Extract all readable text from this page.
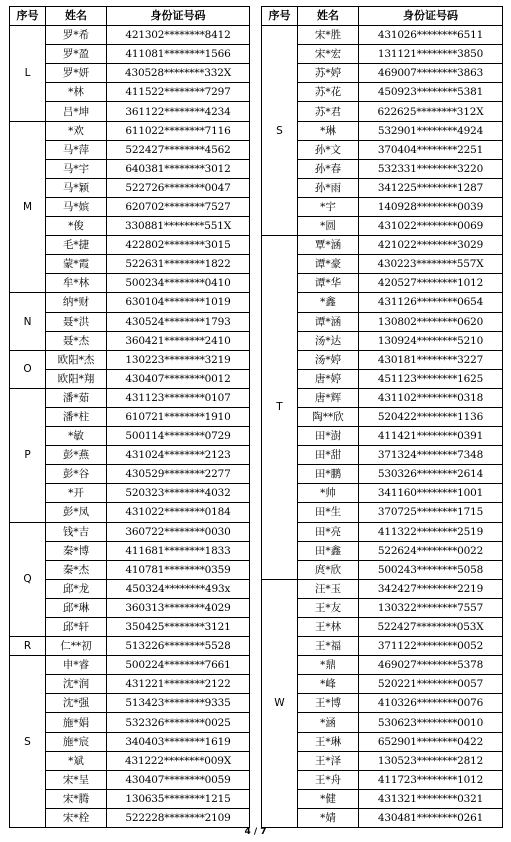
序号	姓名	身份证号码
L	罗*希	421302********8412
	罗*盈	411081********1566
	罗*妍	430528********332X
	*林	411522********7297
	吕*坤	361122********4234
M	*欢	611022********7116
	马*萍	522427********4562
	马*宇	640381********3012
	马*颖	522726********0047
	马*嫔	620702********7527
	*俊	330881********551X
	毛*捷	422802********3015
	蒙*霞	522631********1822
	牟*林	500234********0410
N	纳*财	630104********1019
	聂*洪	430524********1793
	聂*杰	360421********2410
O	欧阳*杰	130223********3219
	欧阳*翔	430407********0012
P	潘*茹	431123********0107
	潘*柱	610721********1910
	*敏	500114********0729
	彭*燕	431024********2123
	彭*谷	430529********2277
	*开	520323********4032
	彭*凤	431022********0184
Q	钱*吉	360722********0030
	秦*博	411681********1833
	秦*杰	410781********0359
	邱*龙	450324********493x
	邱*琳	360313********4029
	邱*轩	350425********3121
R	仁**初	513226********5528
S	申*睿	500224********7661
	沈*润	431221********2122
	沈*强	513423********9335
	施*娟	532326********0025
	施*宸	340403********1619
	*斌	431222********009X
	宋*呈	430407********0059
	宋*腾	130635********1215
	宋*栓	522228********2109
序号	姓名	身份证号码
S	宋*胜	431026********6511
	宋*宏	131121********3850
	苏*婷	469007********3863
	苏*花	450923********5381
	苏*君	622625********312X
	*琳	532901********4924
	孙*文	370404********2251
	孙*春	532331********3220
	孙*雨	341225********1287
	*宇	140928********0039
	*圆	431022********0069
T	覃*涵	421022********3029
	谭*豪	430223********557X
	谭*华	420527********1012
	*鑫	431126********0654
	谭*涵	130802********0620
	汤*达	130924********5210
	汤*婷	430181********3227
	唐*婷	451123********1625
	唐*辉	431102********0318
	陶**欣	520422********1136
	田*澍	411421********0391
	田*甜	371324********7348
	田*鹏	530326********2614
	*帅	341160********1001
	田*生	370725********1715
	田*亮	411322********2519
	田*鑫	522624********0022
	庹*欣	500243********5058
W	汪*玉	342427********2219
	王*友	130322********7557
	王*林	522427********053X
	王*福	371122********0052
	*鼎	469027********5378
	*峰	520221********0057
	王*博	410326********0076
	*涵	530623********0010
	王*琳	652901********0422
	王*泽	130523********2812
	王*舟	411723********1012
	*健	431321********0321
	*婧	430481********0261
4 / 7
